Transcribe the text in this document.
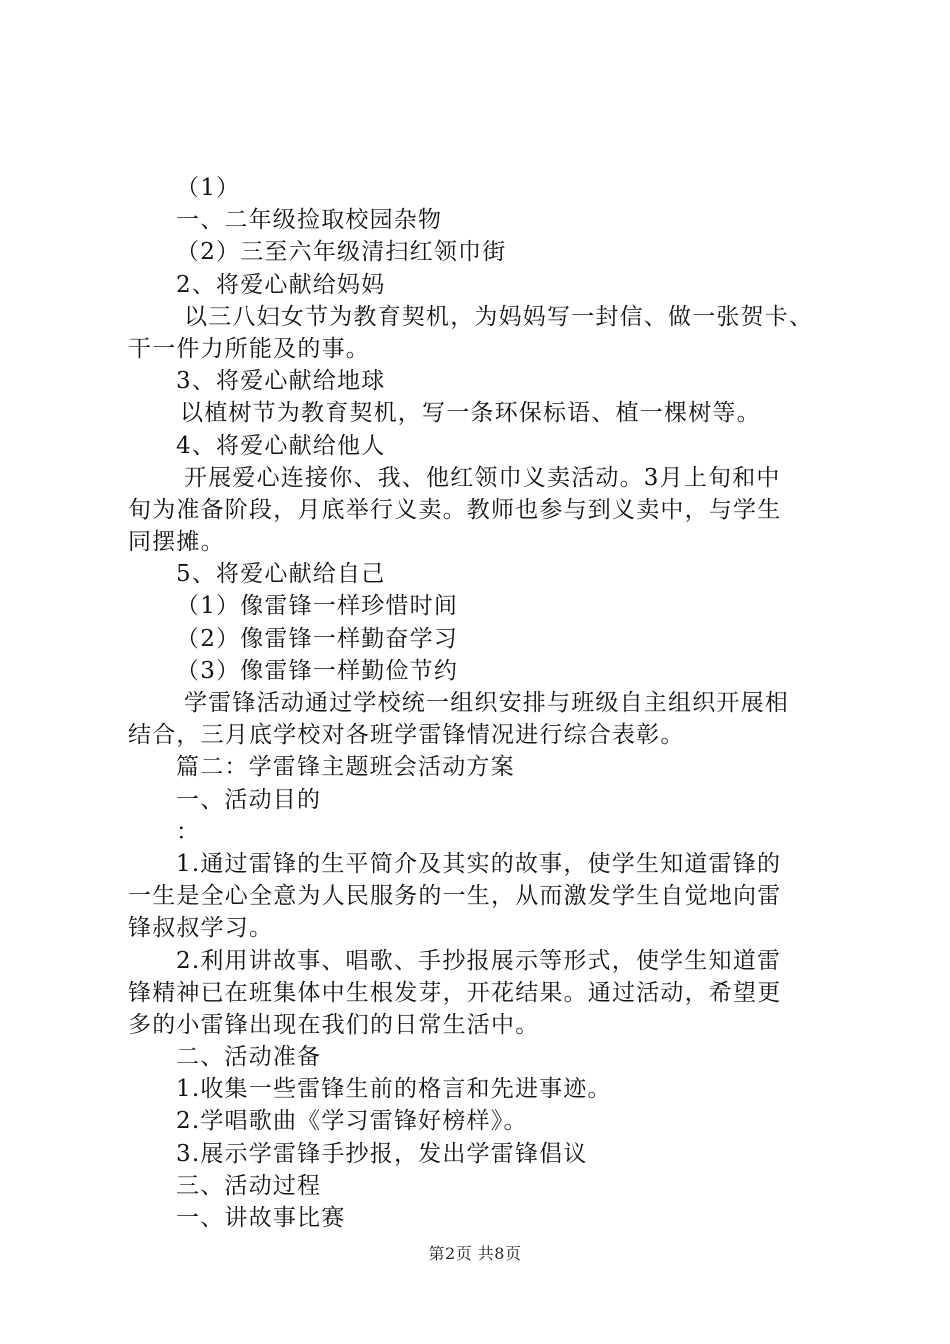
（1）
一、二年级捡取校园杂物
（2）三至六年级清扫红领巾街
2、将爱心献给妈妈
以三八妇女节为教育契机，为妈妈写一封信、做一张贺卡、
干一件力所能及的事。
3、将爱心献给地球
以植树节为教育契机，写一条环保标语、植一棵树等。
4、将爱心献给他人
开展爱心连接你、我、他红领巾义卖活动。3月上旬和中
旬为准备阶段，月底举行义卖。教师也参与到义卖中，与学生
同摆摊。
5、将爱心献给自己
（1）像雷锋一样珍惜时间
（2）像雷锋一样勤奋学习
（3）像雷锋一样勤俭节约
学雷锋活动通过学校统一组织安排与班级自主组织开展相
结合，三月底学校对各班学雷锋情况进行综合表彰。
篇二：学雷锋主题班会活动方案
一、活动目的
：
1.通过雷锋的生平简介及其实的故事，使学生知道雷锋的
一生是全心全意为人民服务的一生，从而激发学生自觉地向雷
锋叔叔学习。
2.利用讲故事、唱歌、手抄报展示等形式，使学生知道雷
锋精神已在班集体中生根发芽，开花结果。通过活动，希望更
多的小雷锋出现在我们的日常生活中。
二、活动准备
1.收集一些雷锋生前的格言和先进事迹。
2.学唱歌曲《学习雷锋好榜样》。
3.展示学雷锋手抄报，发出学雷锋倡议
三、活动过程
一、讲故事比赛
第2页 共8页
